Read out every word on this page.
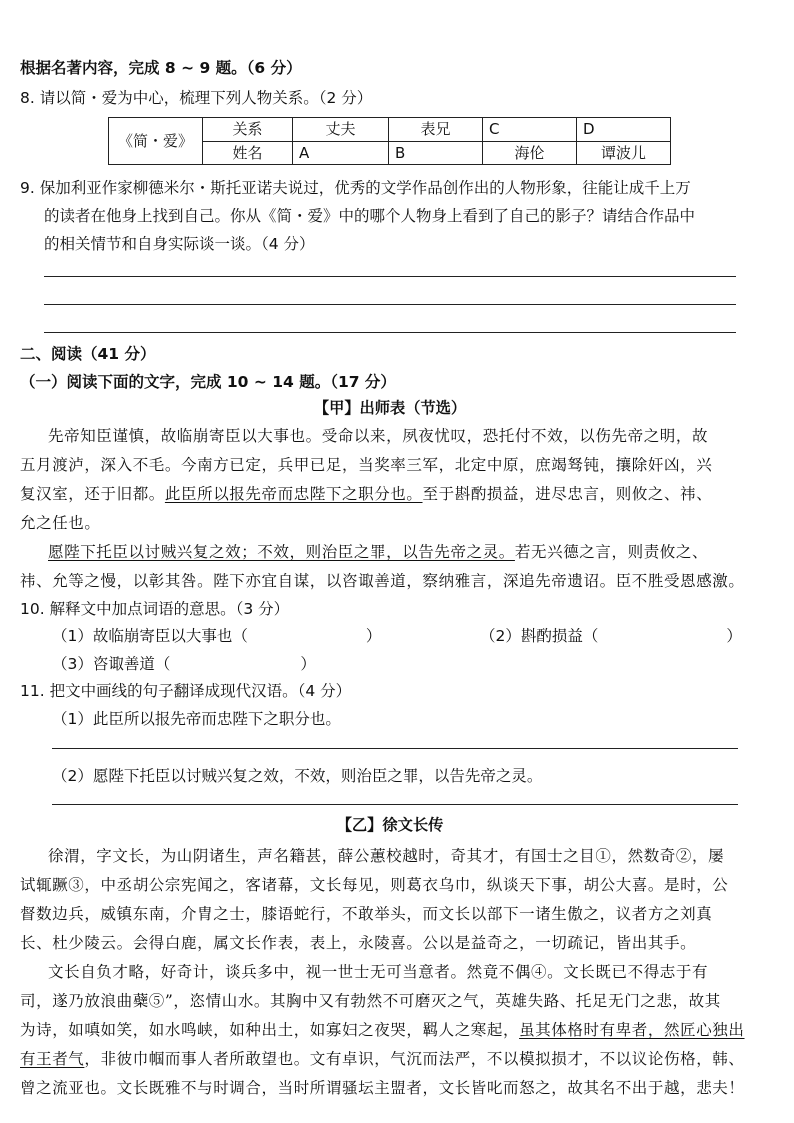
根据名著内容，完成 8 ~ 9 题。（6 分）
8. 请以简・爱为中心，梳理下列人物关系。（2 分）
《简・爱》	关系	丈夫	表兄	C	D
	姓名	A	B	海伦	谭波儿
9. 保加利亚作家柳德米尔・斯托亚诺夫说过，优秀的文学作品创作出的人物形象，往能让成千上万
的读者在他身上找到自己。你从《简・爱》中的哪个人物身上看到了自己的影子？请结合作品中
的相关情节和自身实际谈一谈。（4 分）
二、阅读（41 分）
（一）阅读下面的文字，完成 10 ~ 14 题。（17 分）
【甲】出师表（节选）
先帝知臣谨慎，故临崩寄臣以大事也。受命以来，夙夜忧叹，恐托付不效，以伤先帝之明，故
五月渡泸，深入不毛。今南方已定，兵甲已足，当奖率三军，北定中原，庶竭驽钝，攘除奸凶，兴
复汉室，还于旧都。此臣所以报先帝而忠陛下之职分也。至于斟酌损益，进尽忠言，则攸之、祎、
允之任也。
愿陛下托臣以讨贼兴复之效；不效，则治臣之罪，以告先帝之灵。若无兴德之言，则责攸之、
祎、允等之慢，以彰其咎。陛下亦宜自谋，以咨诹善道，察纳雅言，深追先帝遗诏。臣不胜受恩感激。
10. 解释文中加点词语的意思。（3 分）
（1）故临崩寄臣以大事也（	）	（2）斟酌损益（	）
（3）咨诹善道（	）
11. 把文中画线的句子翻译成现代汉语。（4 分）
（1）此臣所以报先帝而忠陛下之职分也。
（2）愿陛下托臣以讨贼兴复之效，不效，则治臣之罪，以告先帝之灵。
【乙】徐文长传
徐渭，字文长，为山阴诸生，声名籍甚，薛公蕙校越时，奇其才，有国士之目①，然数奇②，屡
试辄蹶③，中丞胡公宗宪闻之，客诸幕，文长每见，则葛衣乌巾，纵谈天下事，胡公大喜。是时，公
督数边兵，威镇东南，介胄之士，膝语蛇行，不敢举头，而文长以部下一诸生傲之，议者方之刘真
长、杜少陵云。会得白鹿，属文长作表，表上，永陵喜。公以是益奇之，一切疏记，皆出其手。
文长自负才略，好奇计，谈兵多中，视一世士无可当意者。然竟不偶④。文长既已不得志于有
司，遂乃放浪曲蘗⑤”，恣情山水。其胸中又有勃然不可磨灭之气，英雄失路、托足无门之悲，故其
为诗，如嗔如笑，如水鸣峡，如种出土，如寡妇之夜哭，羁人之寒起，虽其体格时有卑者，然匠心独出
有王者气，非彼巾帼而事人者所敢望也。文有卓识，气沉而法严，不以模拟损才，不以议论伤格，韩、
曾之流亚也。文长既雅不与时调合，当时所谓骚坛主盟者，文长皆叱而怒之，故其名不出于越，悲夫！
